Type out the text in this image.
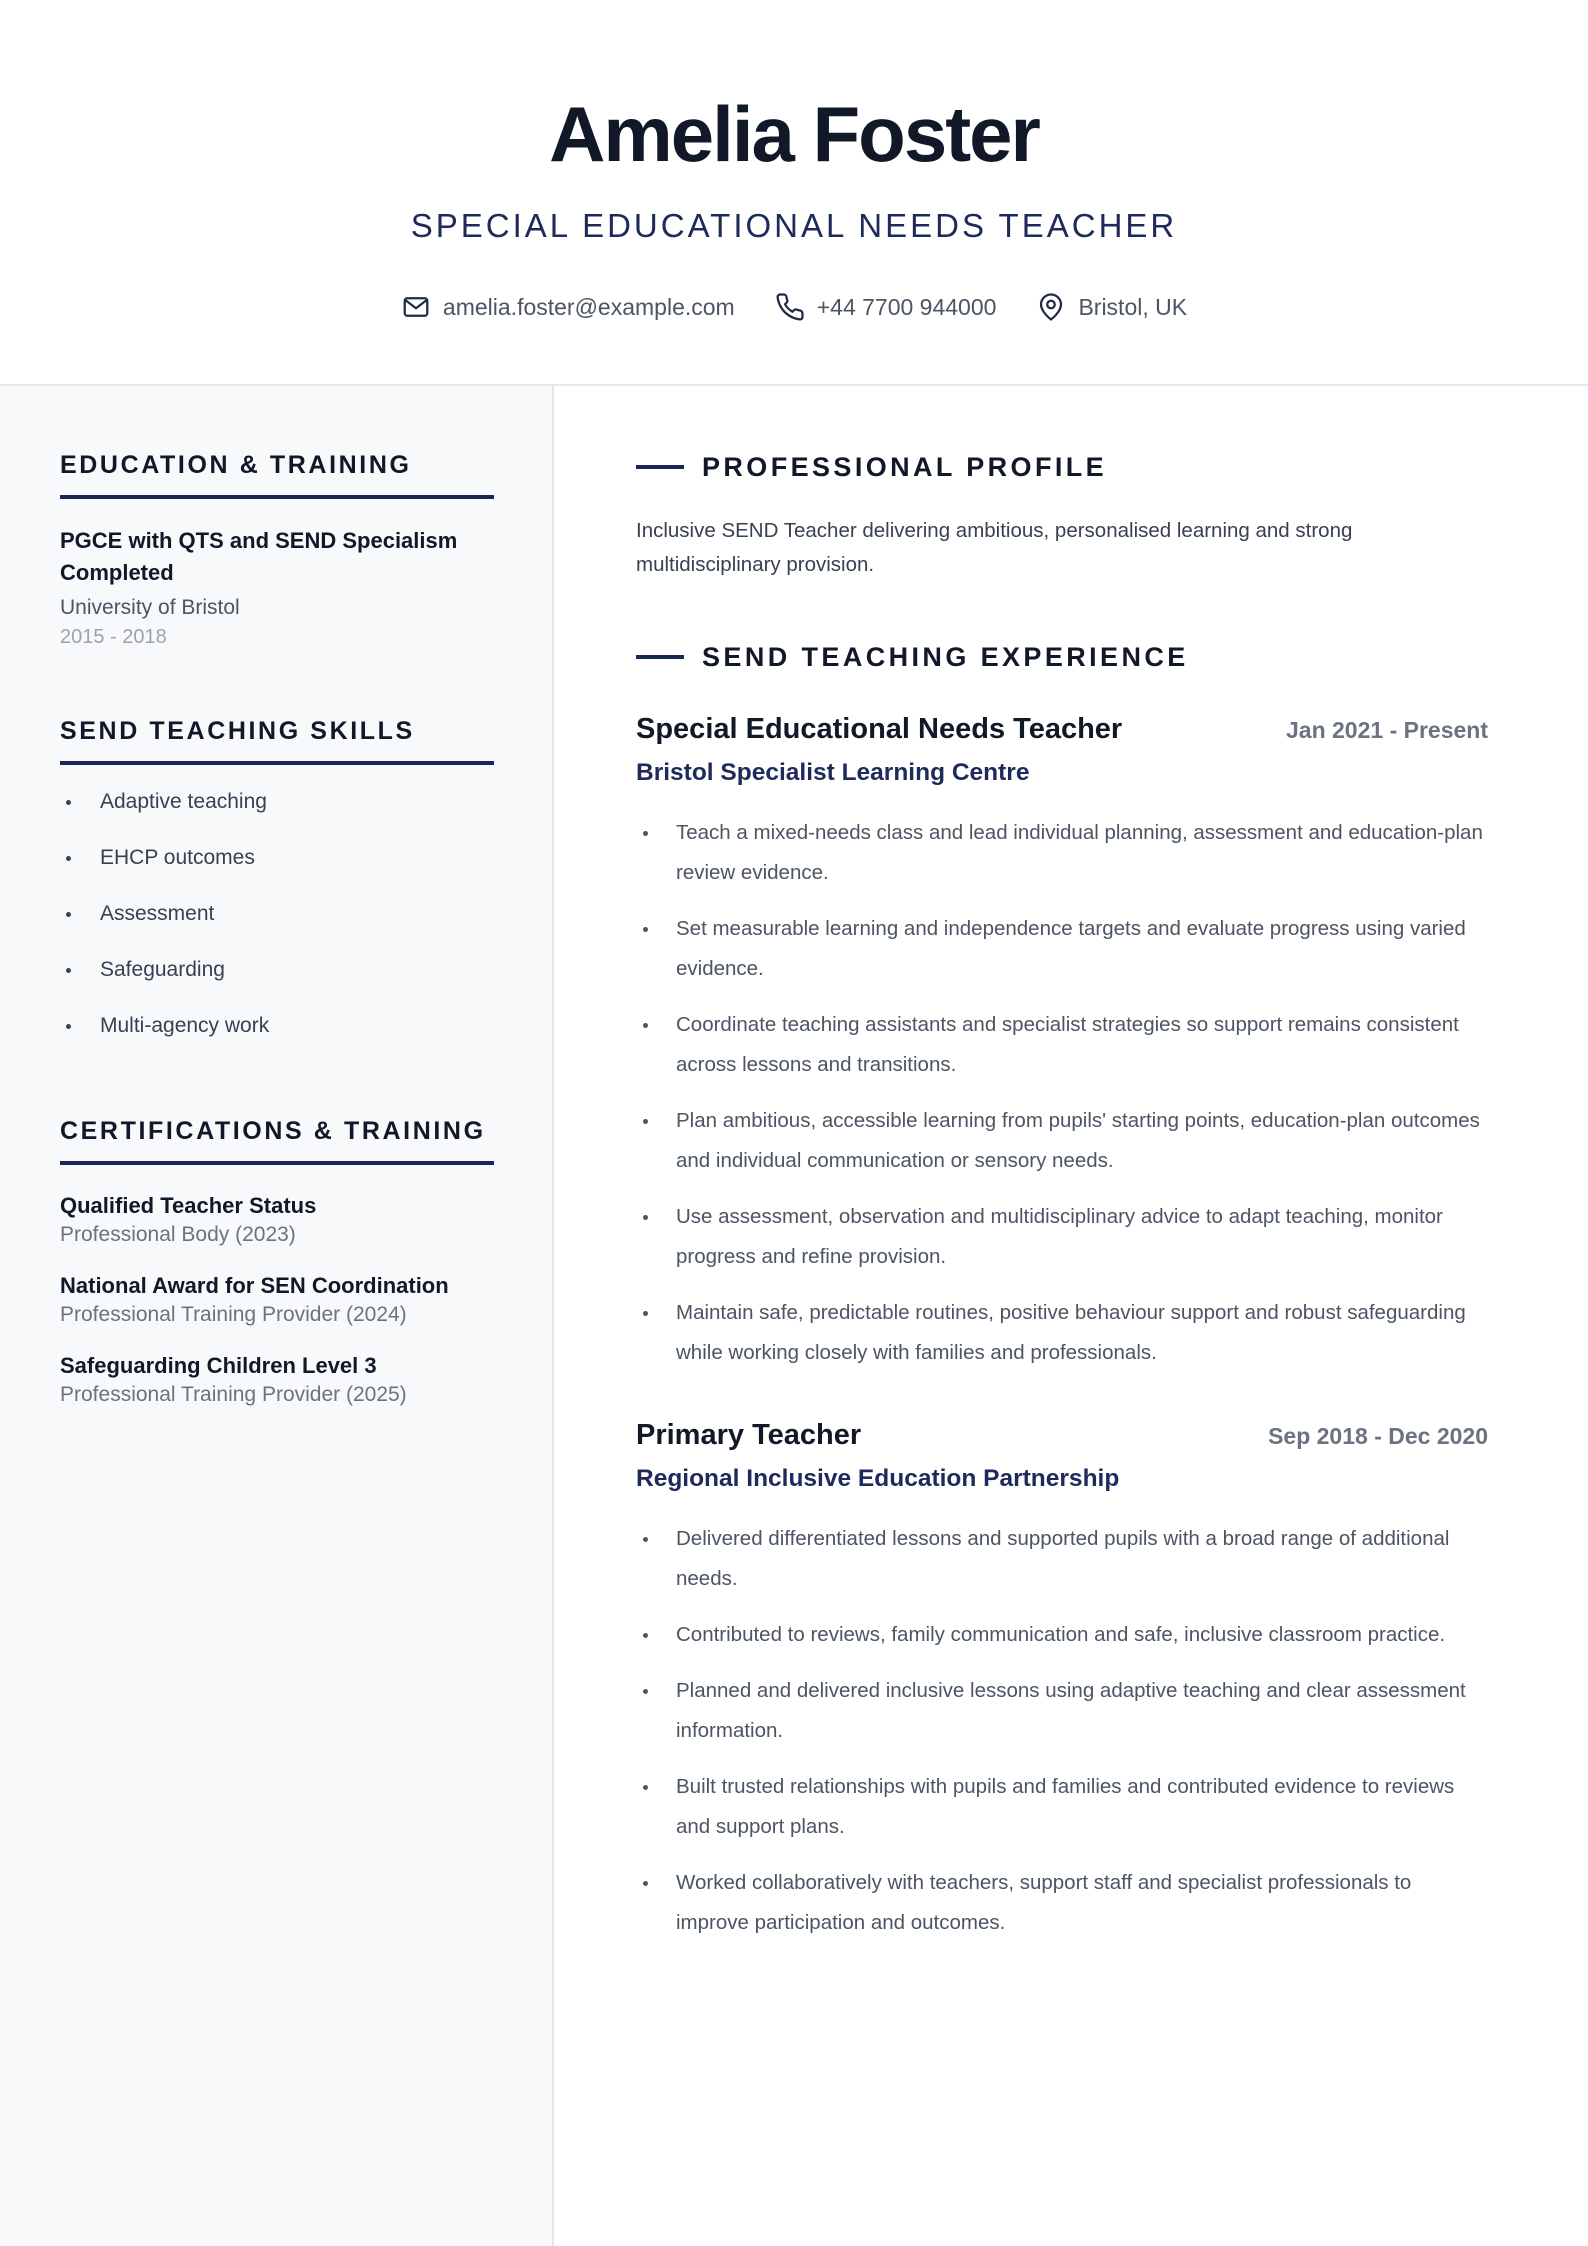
Amelia Foster
SPECIAL EDUCATIONAL NEEDS TEACHER
amelia.foster@example.com	+44 7700 944000	Bristol, UK
EDUCATION & TRAINING
PGCE with QTS and SEND Specialism Completed
University of Bristol
2015 - 2018
SEND TEACHING SKILLS
Adaptive teaching
EHCP outcomes
Assessment
Safeguarding
Multi-agency work
CERTIFICATIONS & TRAINING
Qualified Teacher Status
Professional Body (2023)
National Award for SEN Coordination
Professional Training Provider (2024)
Safeguarding Children Level 3
Professional Training Provider (2025)
PROFESSIONAL PROFILE
Inclusive SEND Teacher delivering ambitious, personalised learning and strong multidisciplinary provision.
SEND TEACHING EXPERIENCE
Special Educational Needs Teacher	Jan 2021 - Present
Bristol Specialist Learning Centre
Teach a mixed-needs class and lead individual planning, assessment and education-plan review evidence.
Set measurable learning and independence targets and evaluate progress using varied evidence.
Coordinate teaching assistants and specialist strategies so support remains consistent across lessons and transitions.
Plan ambitious, accessible learning from pupils' starting points, education-plan outcomes and individual communication or sensory needs.
Use assessment, observation and multidisciplinary advice to adapt teaching, monitor progress and refine provision.
Maintain safe, predictable routines, positive behaviour support and robust safeguarding while working closely with families and professionals.
Primary Teacher	Sep 2018 - Dec 2020
Regional Inclusive Education Partnership
Delivered differentiated lessons and supported pupils with a broad range of additional needs.
Contributed to reviews, family communication and safe, inclusive classroom practice.
Planned and delivered inclusive lessons using adaptive teaching and clear assessment information.
Built trusted relationships with pupils and families and contributed evidence to reviews and support plans.
Worked collaboratively with teachers, support staff and specialist professionals to improve participation and outcomes.
